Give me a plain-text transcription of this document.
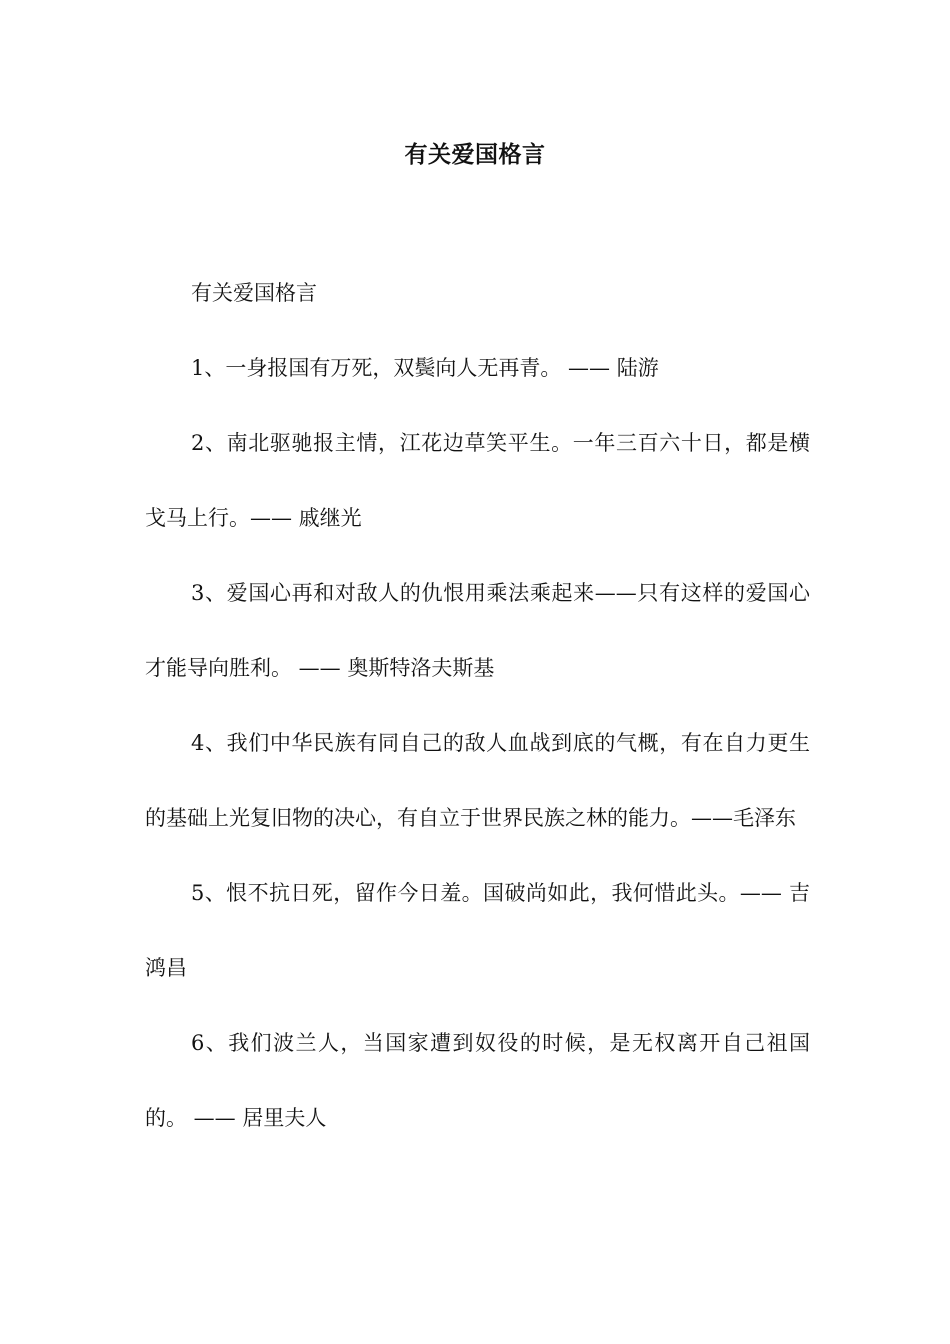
有关爱国格言

有关爱国格言

1、一身报国有万死，双鬓向人无再青。 —— 陆游

2、南北驱驰报主情，江花边草笑平生。一年三百六十日，都是横戈马上行。—— 戚继光

3、爱国心再和对敌人的仇恨用乘法乘起来——只有这样的爱国心才能导向胜利。 —— 奥斯特洛夫斯基

4、我们中华民族有同自己的敌人血战到底的气概，有在自力更生的基础上光复旧物的决心，有自立于世界民族之林的能力。——毛泽东

5、恨不抗日死，留作今日羞。国破尚如此，我何惜此头。—— 吉鸿昌

6、我们波兰人，当国家遭到奴役的时候，是无权离开自己祖国的。 —— 居里夫人
